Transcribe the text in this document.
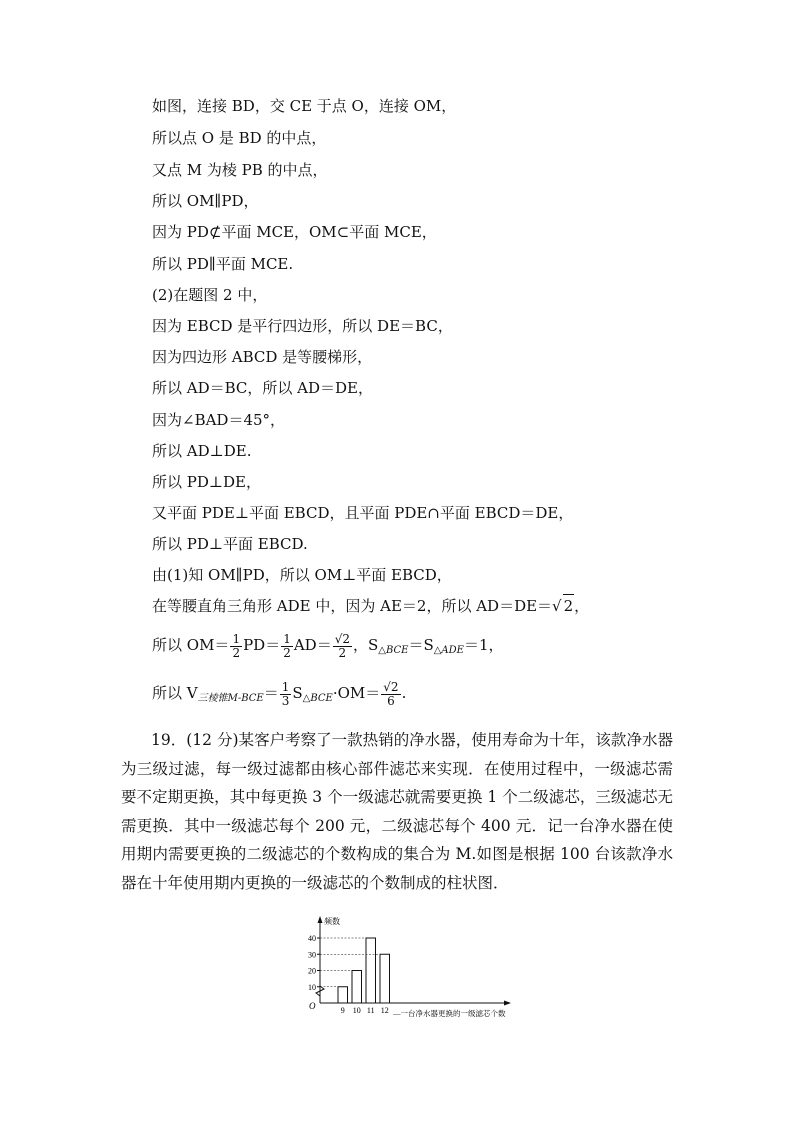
如图，连接 BD，交 CE 于点 O，连接 OM，
所以点 O 是 BD 的中点，
又点 M 为棱 PB 的中点，
所以 OM∥PD，
因为 PD⊄平面 MCE，OM⊂平面 MCE，
所以 PD∥平面 MCE.
(2)在题图 2 中，
因为 EBCD 是平行四边形，所以 DE＝BC，
因为四边形 ABCD 是等腰梯形，
所以 AD＝BC，所以 AD＝DE，
因为∠BAD＝45°，
所以 AD⊥DE.
所以 PD⊥DE，
又平面 PDE⊥平面 EBCD，且平面 PDE∩平面 EBCD＝DE，
所以 PD⊥平面 EBCD.
由(1)知 OM∥PD，所以 OM⊥平面 EBCD，
在等腰直角三角形 ADE 中，因为 AE＝2，所以 AD＝DE＝√ 2，
所以 $OM= \frac{1}{2} PD= \frac{1}{2} AD= \frac{√2}{2}$ ，$S_{\triangle BCE}=S_{\triangle ADE}=1$，
所以 $V_{三棱锥M-BCE}= \frac{1}{3} S_{\triangle BCE}\cdot OM= \frac{√2}{6}$ .
19．(12 分)某客户考察了一款热销的净水器，使用寿命为十年，该款净水器为三级过滤，每一级过滤都由核心部件滤芯来实现．在使用过程中，一级滤芯需要不定期更换，其中每更换 3 个一级滤芯就需要更换 1 个二级滤芯，三级滤芯无需更换．其中一级滤芯每个 200 元，二级滤芯每个 400 元．记一台净水器在使用期内需要更换的二级滤芯的个数构成的集合为 M.如图是根据 100 台该款净水器在十年使用期内更换的一级滤芯的个数制成的柱状图．
频数
O
10
20
30
40
9 10 11 12 —一台净水器更换的一级滤芯个数
